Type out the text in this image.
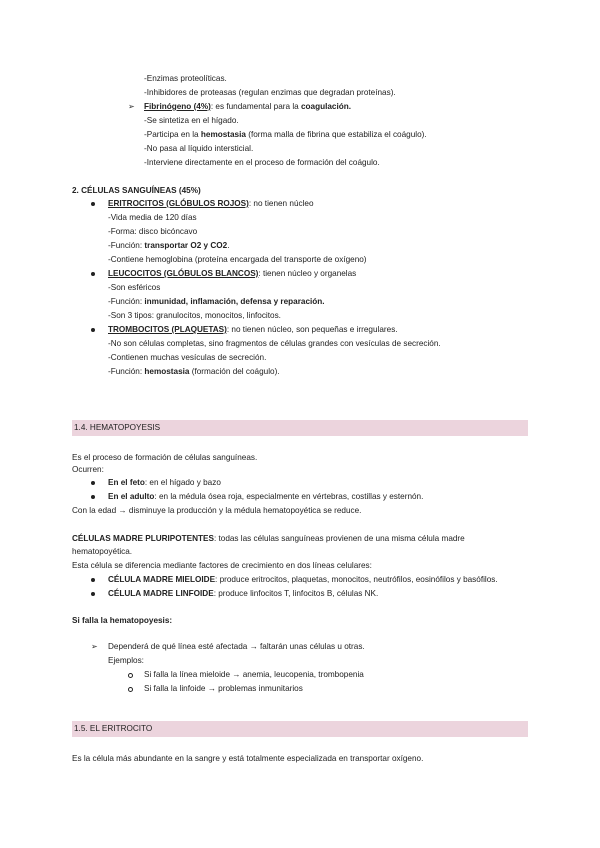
-Enzimas proteolíticas.
-Inhibidores de proteasas (regulan enzimas que degradan proteínas).
➢ Fibrinógeno (4%): es fundamental para la coagulación.
-Se sintetiza en el hígado.
-Participa en la hemostasia (forma malla de fibrina que estabiliza el coágulo).
-No pasa al líquido intersticial.
-Interviene directamente en el proceso de formación del coágulo.
2. CÉLULAS SANGUÍNEAS (45%)
ERITROCITOS (GLÓBULOS ROJOS): no tienen núcleo
-Vida media de 120 días
-Forma: disco bicóncavo
-Función: transportar O2 y CO2.
-Contiene hemoglobina (proteína encargada del transporte de oxígeno)
LEUCOCITOS (GLÓBULOS BLANCOS): tienen núcleo y organelas
-Son esféricos
-Función: inmunidad, inflamación, defensa y reparación.
-Son 3 tipos: granulocitos, monocitos, linfocitos.
TROMBOCITOS (PLAQUETAS): no tienen núcleo, son pequeñas e irregulares.
-No son células completas, sino fragmentos de células grandes con vesículas de secreción.
-Contienen muchas vesículas de secreción.
-Función: hemostasia (formación del coágulo).
1.4. HEMATOPOYESIS
Es el proceso de formación de células sanguíneas.
Ocurren:
En el feto: en el hígado y bazo
En el adulto: en la médula ósea roja, especialmente en vértebras, costillas y esternón.
Con la edad → disminuye la producción y la médula hematopoyética se reduce.
CÉLULAS MADRE PLURIPOTENTES: todas las células sanguíneas provienen de una misma célula madre
hematopoyética.
Esta célula se diferencia mediante factores de crecimiento en dos líneas celulares:
CÉLULA MADRE MIELOIDE: produce eritrocitos, plaquetas, monocitos, neutrófilos, eosinófilos y basófilos.
CÉLULA MADRE LINFOIDE: produce linfocitos T, linfocitos B, células NK.
Si falla la hematopoyesis:
➢ Dependerá de qué línea esté afectada → faltarán unas células u otras.
Ejemplos:
Si falla la línea mieloide → anemia, leucopenia, trombopenia
Si falla la linfoide → problemas inmunitarios
1.5. EL ERITROCITO
Es la célula más abundante en la sangre y está totalmente especializada en transportar oxígeno.
